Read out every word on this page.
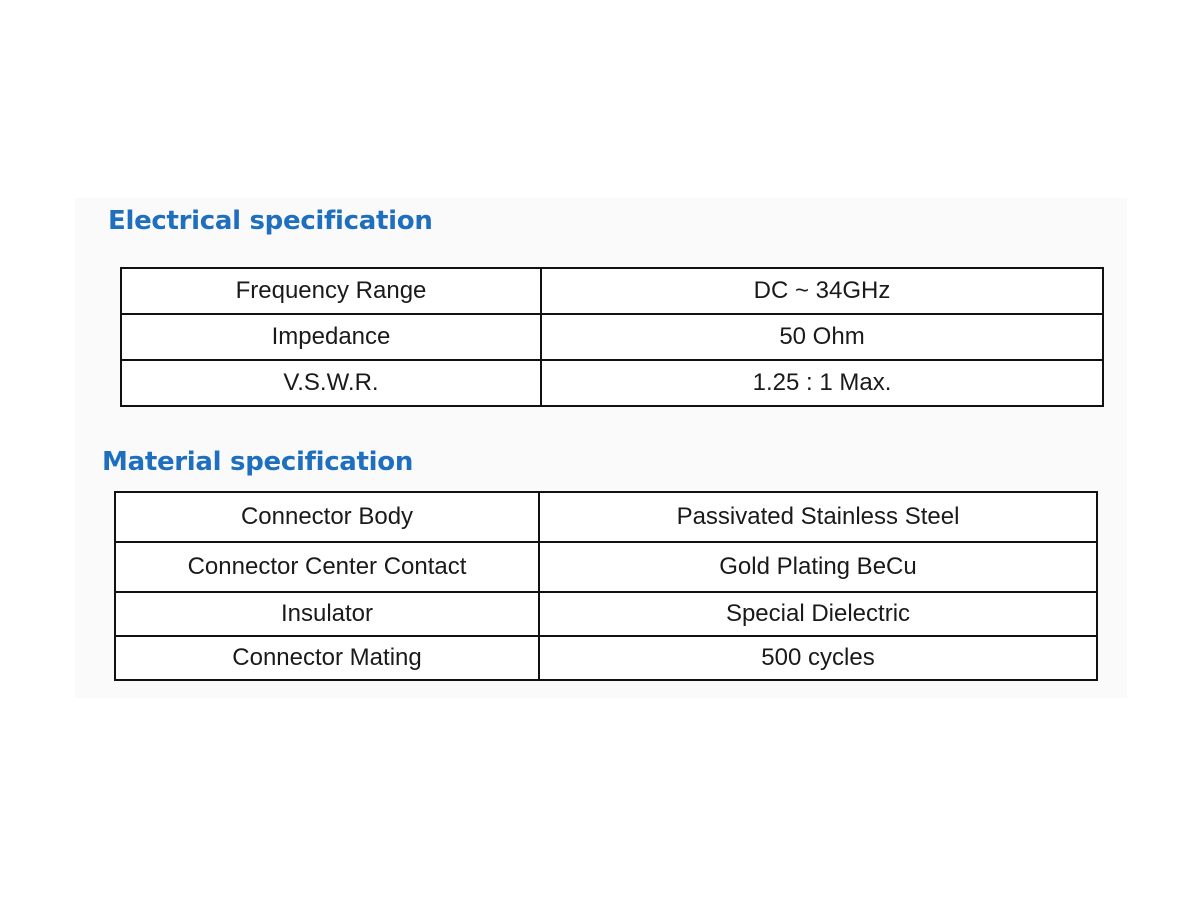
Electrical specification
Frequency Range	DC ~ 34GHz
Impedance	50 Ohm
V.S.W.R.	1.25 : 1 Max.
Material specification
Connector Body	Passivated Stainless Steel
Connector Center Contact	Gold Plating BeCu
Insulator	Special Dielectric
Connector Mating	500 cycles
